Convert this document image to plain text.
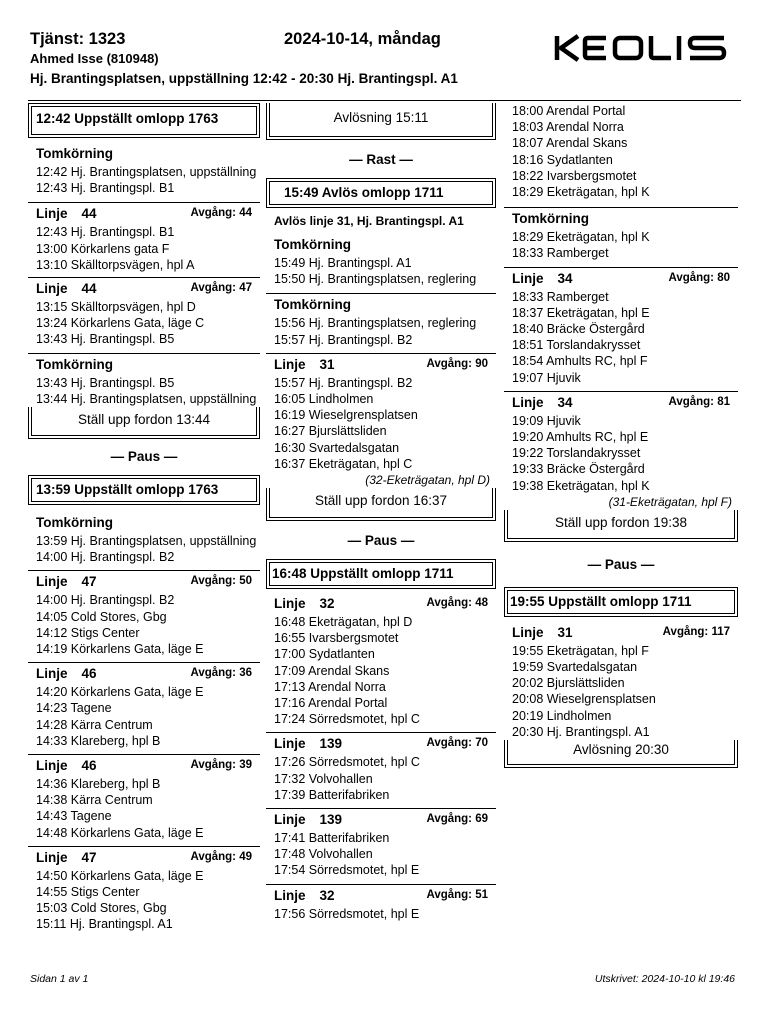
Tjänst: 1323	2024-10-14, måndag
Ahmed Isse (810948)
Hj. Brantingsplatsen, uppställning 12:42 - 20:30 Hj. Brantingspl. A1
12:42 Uppställt omlopp 1763
Tomkörning
12:42 Hj. Brantingsplatsen, uppställning
12:43 Hj. Brantingspl. B1
Linje 44	Avgång: 44
12:43 Hj. Brantingspl. B1
13:00 Körkarlens gata F
13:10 Skälltorpsvägen, hpl A
Linje 44	Avgång: 47
13:15 Skälltorpsvägen, hpl D
13:24 Körkarlens Gata, läge C
13:43 Hj. Brantingspl. B5
Tomkörning
13:43 Hj. Brantingspl. B5
13:44 Hj. Brantingsplatsen, uppställning
Ställ upp fordon 13:44
— Paus —
13:59 Uppställt omlopp 1763
Tomkörning
13:59 Hj. Brantingsplatsen, uppställning
14:00 Hj. Brantingspl. B2
Linje 47	Avgång: 50
14:00 Hj. Brantingspl. B2
14:05 Cold Stores, Gbg
14:12 Stigs Center
14:19 Körkarlens Gata, läge E
Linje 46	Avgång: 36
14:20 Körkarlens Gata, läge E
14:23 Tagene
14:28 Kärra Centrum
14:33 Klareberg, hpl B
Linje 46	Avgång: 39
14:36 Klareberg, hpl B
14:38 Kärra Centrum
14:43 Tagene
14:48 Körkarlens Gata, läge E
Linje 47	Avgång: 49
14:50 Körkarlens Gata, läge E
14:55 Stigs Center
15:03 Cold Stores, Gbg
15:11 Hj. Brantingspl. A1
Avlösning 15:11
— Rast —
15:49 Avlös omlopp 1711
Avlös linje 31, Hj. Brantingspl. A1
Tomkörning
15:49 Hj. Brantingspl. A1
15:50 Hj. Brantingsplatsen, reglering
Tomkörning
15:56 Hj. Brantingsplatsen, reglering
15:57 Hj. Brantingspl. B2
Linje 31	Avgång: 90
15:57 Hj. Brantingspl. B2
16:05 Lindholmen
16:19 Wieselgrensplatsen
16:27 Bjurslättsliden
16:30 Svartedalsgatan
16:37 Eketrägatan, hpl C
(32-Eketrägatan, hpl D)
Ställ upp fordon 16:37
— Paus —
16:48 Uppställt omlopp 1711
Linje 32	Avgång: 48
16:48 Eketrägatan, hpl D
16:55 Ivarsbergsmotet
17:00 Sydatlanten
17:09 Arendal Skans
17:13 Arendal Norra
17:16 Arendal Portal
17:24 Sörredsmotet, hpl C
Linje 139	Avgång: 70
17:26 Sörredsmotet, hpl C
17:32 Volvohallen
17:39 Batterifabriken
Linje 139	Avgång: 69
17:41 Batterifabriken
17:48 Volvohallen
17:54 Sörredsmotet, hpl E
Linje 32	Avgång: 51
17:56 Sörredsmotet, hpl E
18:00 Arendal Portal
18:03 Arendal Norra
18:07 Arendal Skans
18:16 Sydatlanten
18:22 Ivarsbergsmotet
18:29 Eketrägatan, hpl K
Tomkörning
18:29 Eketrägatan, hpl K
18:33 Ramberget
Linje 34	Avgång: 80
18:33 Ramberget
18:37 Eketrägatan, hpl E
18:40 Bräcke Östergård
18:51 Torslandakrysset
18:54 Amhults RC, hpl F
19:07 Hjuvik
Linje 34	Avgång: 81
19:09 Hjuvik
19:20 Amhults RC, hpl E
19:22 Torslandakrysset
19:33 Bräcke Östergård
19:38 Eketrägatan, hpl K
(31-Eketrägatan, hpl F)
Ställ upp fordon 19:38
— Paus —
19:55 Uppställt omlopp 1711
Linje 31	Avgång: 117
19:55 Eketrägatan, hpl F
19:59 Svartedalsgatan
20:02 Bjurslättsliden
20:08 Wieselgrensplatsen
20:19 Lindholmen
20:30 Hj. Brantingspl. A1
Avlösning 20:30
Sidan 1 av 1	Utskrivet: 2024-10-10 kl 19:46
